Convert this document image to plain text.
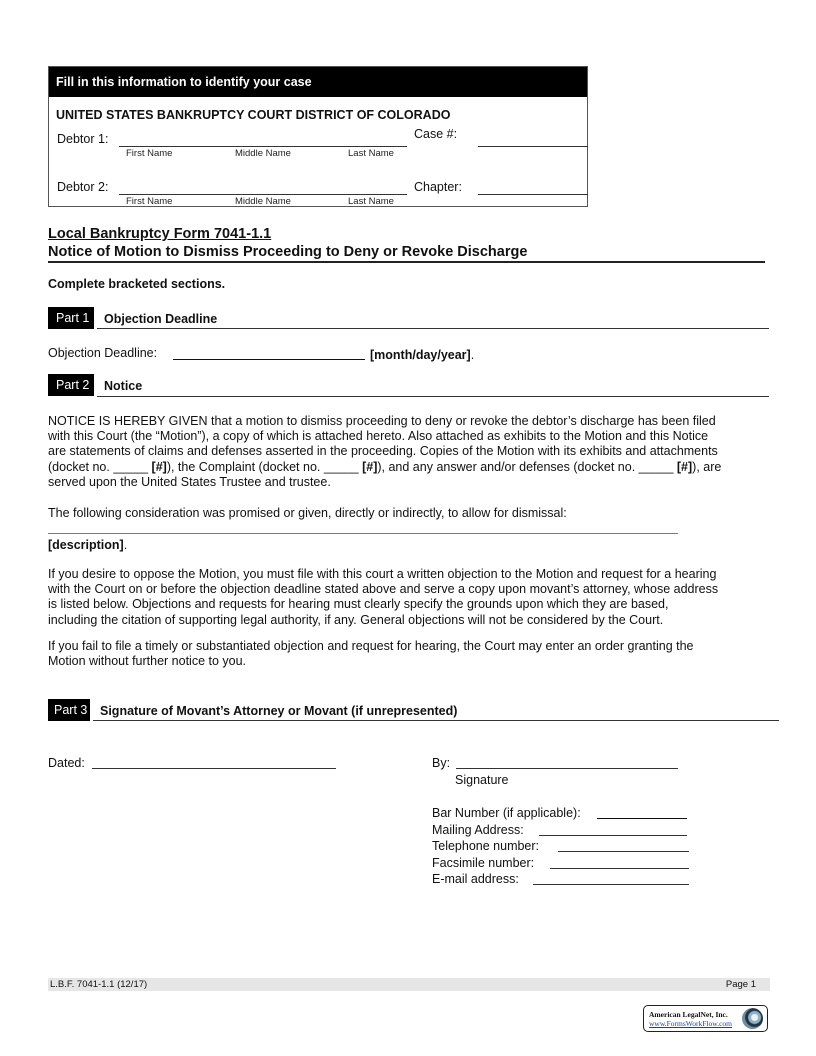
Fill in this information to identify your case
UNITED STATES BANKRUPTCY COURT DISTRICT OF COLORADO
Debtor 1:
First Name	Middle Name	Last Name
Case #:
Debtor 2:
First Name	Middle Name	Last Name
Chapter:
Local Bankruptcy Form 7041-1.1
Notice of Motion to Dismiss Proceeding to Deny or Revoke Discharge
Complete bracketed sections.
Part 1	Objection Deadline
Objection Deadline:	[month/day/year].
Part 2	Notice
NOTICE IS HEREBY GIVEN that a motion to dismiss proceeding to deny or revoke the debtor’s discharge has been filed
with this Court (the “Motion”), a copy of which is attached hereto. Also attached as exhibits to the Motion and this Notice
are statements of claims and defenses asserted in the proceeding. Copies of the Motion with its exhibits and attachments
(docket no. _____ [#]), the Complaint (docket no. _____ [#]), and any answer and/or defenses (docket no. _____ [#]), are
served upon the United States Trustee and trustee.
The following consideration was promised or given, directly or indirectly, to allow for dismissal:
[description].
If you desire to oppose the Motion, you must file with this court a written objection to the Motion and request for a hearing
with the Court on or before the objection deadline stated above and serve a copy upon movant’s attorney, whose address
is listed below. Objections and requests for hearing must clearly specify the grounds upon which they are based,
including the citation of supporting legal authority, if any. General objections will not be considered by the Court.
If you fail to file a timely or substantiated objection and request for hearing, the Court may enter an order granting the
Motion without further notice to you.
Part 3 Signature of Movant’s Attorney or Movant (if unrepresented)
Dated:	By:
Signature
Bar Number (if applicable):
Mailing Address:
Telephone number:
Facsimile number:
E-mail address:
L.B.F. 7041-1.1 (12/17)	Page 1
American LegalNet, Inc.
www.FormsWorkFlow.com
